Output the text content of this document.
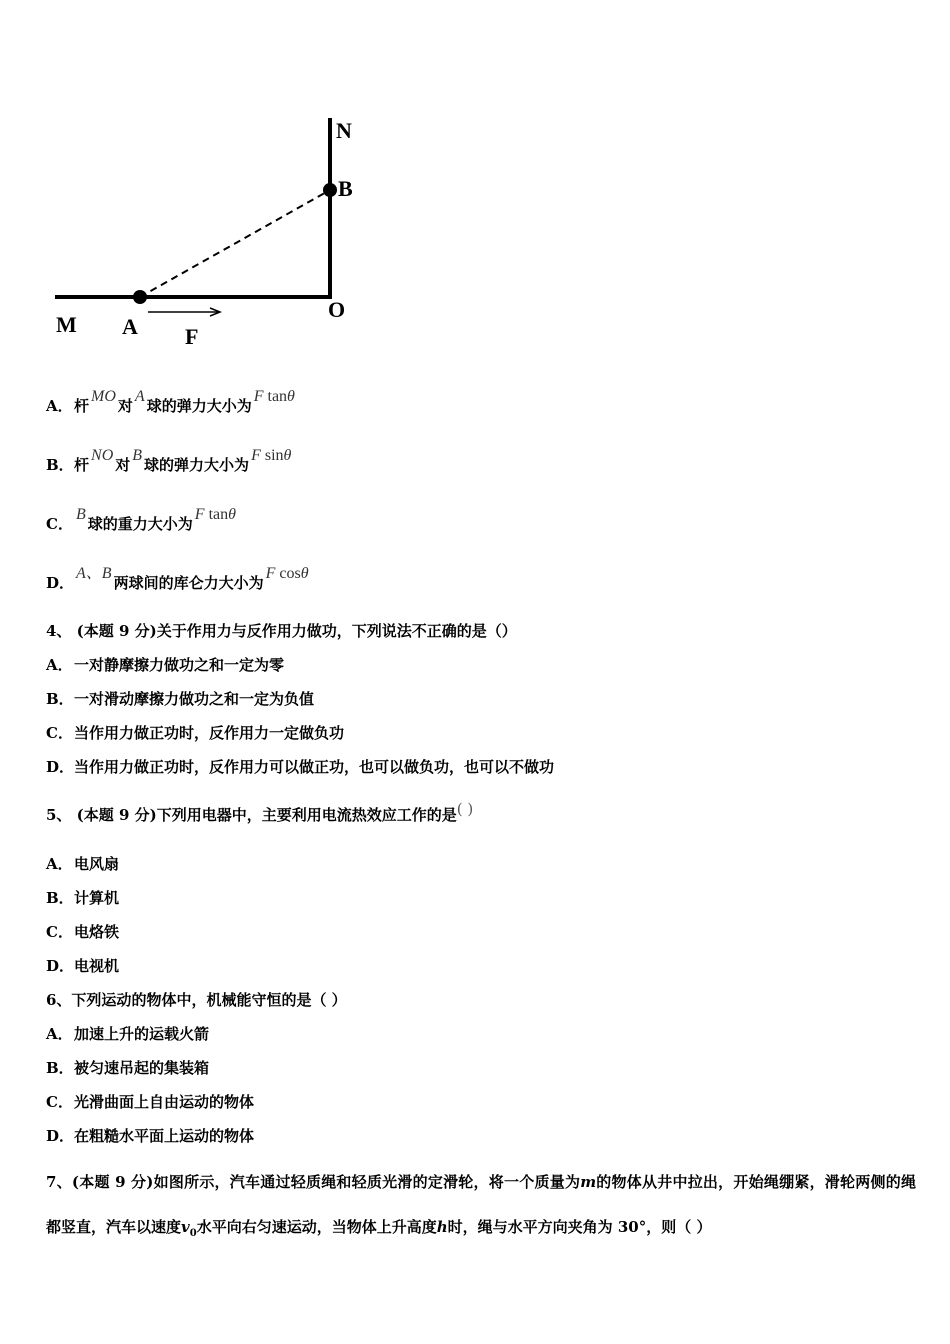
N
B
O
M A F
A．杆MO对A球的弹力大小为F tanθ
B．杆NO对B球的弹力大小为F sinθ
C．B球的重力大小为F tanθ
D．A、B两球间的库仑力大小为F cosθ
4、 (本题 9 分)关于作用力与反作用力做功，下列说法不正确的是（）
A．一对静摩擦力做功之和一定为零
B．一对滑动摩擦力做功之和一定为负值
C．当作用力做正功时，反作用力一定做负功
D．当作用力做正功时，反作用力可以做正功，也可以做负功，也可以不做功
5、 (本题 9 分)下列用电器中，主要利用电流热效应工作的是( )
A．电风扇
B．计算机
C．电烙铁
D．电视机
6、下列运动的物体中，机械能守恒的是（ ）
A．加速上升的运载火箭
B．被匀速吊起的集装箱
C．光滑曲面上自由运动的物体
D．在粗糙水平面上运动的物体
7、(本题 9 分)如图所示，汽车通过轻质绳和轻质光滑的定滑轮，将一个质量为m的物体从井中拉出，开始绳绷紧，滑轮两侧的绳都竖直，汽车以速度$v_0$水平向右匀速运动，当物体上升高度h时，绳与水平方向夹角为 30°，则（ ）
